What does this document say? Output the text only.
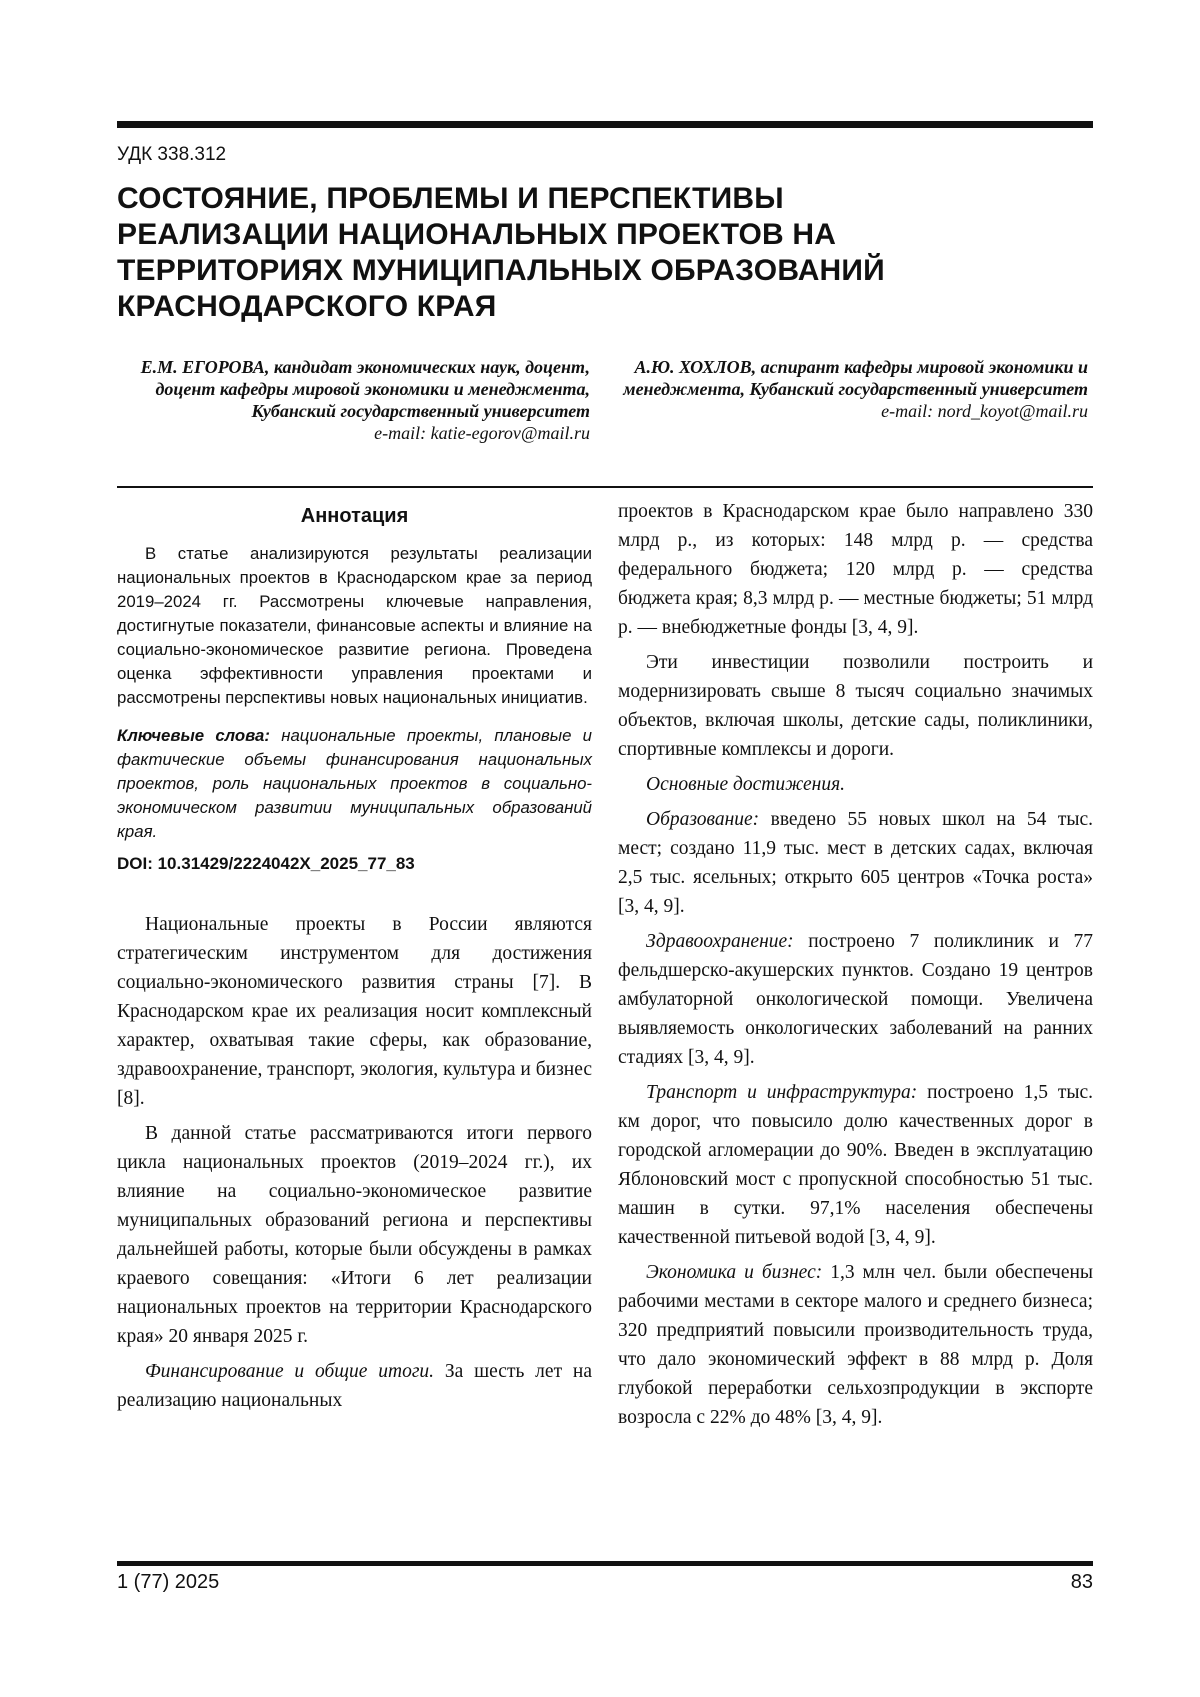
УДК 338.312
СОСТОЯНИЕ, ПРОБЛЕМЫ И ПЕРСПЕКТИВЫ
РЕАЛИЗАЦИИ НАЦИОНАЛЬНЫХ ПРОЕКТОВ НА
ТЕРРИТОРИЯХ МУНИЦИПАЛЬНЫХ ОБРАЗОВАНИЙ
КРАСНОДАРСКОГО КРАЯ
Е.М. ЕГОРОВА, кандидат экономических наук, доцент, доцент кафедры мировой экономики и менеджмента, Кубанский государственный университет
e-mail: katie-egorov@mail.ru
А.Ю. ХОХЛОВ, аспирант кафедры мировой экономики и менеджмента, Кубанский государственный университет
e-mail: nord_koyot@mail.ru
Аннотация

В статье анализируются результаты реализации национальных проектов в Краснодарском крае за период 2019–2024 гг. Рассмотрены ключевые направления, достигнутые показатели, финансовые аспекты и влияние на социально-экономическое развитие региона. Проведена оценка эффективности управления проектами и рассмотрены перспективы новых национальных инициатив.

Ключевые слова: национальные проекты, плановые и фактические объемы финансирования национальных проектов, роль национальных проектов в социально-экономическом развитии муниципальных образований края.

DOI: 10.31429/2224042X_2025_77_83

Национальные проекты в России являются стратегическим инструментом для достижения социально-экономического развития страны [7]. В Краснодарском крае их реализация носит комплексный характер, охватывая такие сферы, как образование, здравоохранение, транспорт, экология, культура и бизнес [8].

В данной статье рассматриваются итоги первого цикла национальных проектов (2019–2024 гг.), их влияние на социально-экономическое развитие муниципальных образований региона и перспективы дальнейшей работы, которые были обсуждены в рамках краевого совещания: «Итоги 6 лет реализации национальных проектов на территории Краснодарского края» 20 января 2025 г.

Финансирование и общие итоги. За шесть лет на реализацию национальных

проектов в Краснодарском крае было направлено 330 млрд р., из которых: 148 млрд р. — средства федерального бюджета; 120 млрд р. — средства бюджета края; 8,3 млрд р. — местные бюджеты; 51 млрд р. — внебюджетные фонды [3, 4, 9].

Эти инвестиции позволили построить и модернизировать свыше 8 тысяч социально значимых объектов, включая школы, детские сады, поликлиники, спортивные комплексы и дороги.

Основные достижения.

Образование: введено 55 новых школ на 54 тыс. мест; создано 11,9 тыс. мест в детских садах, включая 2,5 тыс. ясельных; открыто 605 центров «Точка роста» [3, 4, 9].

Здравоохранение: построено 7 поликлиник и 77 фельдшерско-акушерских пунктов. Создано 19 центров амбулаторной онкологической помощи. Увеличена выявляемость онкологических заболеваний на ранних стадиях [3, 4, 9].

Транспорт и инфраструктура: построено 1,5 тыс. км дорог, что повысило долю качественных дорог в городской агломерации до 90%. Введен в эксплуатацию Яблоновский мост с пропускной способностью 51 тыс. машин в сутки. 97,1% населения обеспечены качественной питьевой водой [3, 4, 9].

Экономика и бизнес: 1,3 млн чел. были обеспечены рабочими местами в секторе малого и среднего бизнеса; 320 предприятий повысили производительность труда, что дало экономический эффект в 88 млрд р. Доля глубокой переработки сельхозпродукции в экспорте возросла с 22% до 48% [3, 4, 9].

1 (77) 2025	83
